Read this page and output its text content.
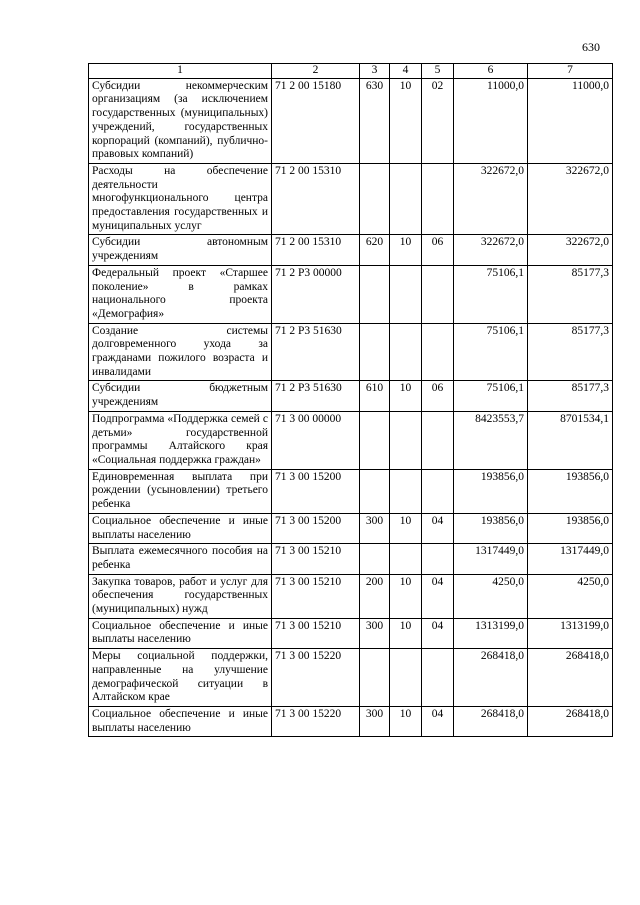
630
1	2	3	4	5	6	7
Субсидии некоммерческим организациям (за исключением государственных (муниципальных) учреждений, государственных корпораций (компаний), публично-правовых компаний)	71 2 00 15180	630	10	02	11000,0	11000,0
Расходы на обеспечение деятельности многофункционального центра предоставления государственных и муниципальных услуг	71 2 00 15310				322672,0	322672,0
Субсидии автономным учреждениям	71 2 00 15310	620	10	06	322672,0	322672,0
Федеральный проект «Старшее поколение» в рамках национального проекта «Демография»	71 2 P3 00000				75106,1	85177,3
Создание системы долговременного ухода за гражданами пожилого возраста и инвалидами	71 2 P3 51630				75106,1	85177,3
Субсидии бюджетным учреждениям	71 2 P3 51630	610	10	06	75106,1	85177,3
Подпрограмма «Поддержка семей с детьми» государственной программы Алтайского края «Социальная поддержка граждан»	71 3 00 00000				8423553,7	8701534,1
Единовременная выплата при рождении (усыновлении) третьего ребенка	71 3 00 15200				193856,0	193856,0
Социальное обеспечение и иные выплаты населению	71 3 00 15200	300	10	04	193856,0	193856,0
Выплата ежемесячного пособия на ребенка	71 3 00 15210				1317449,0	1317449,0
Закупка товаров, работ и услуг для обеспечения государственных (муниципальных) нужд	71 3 00 15210	200	10	04	4250,0	4250,0
Социальное обеспечение и иные выплаты населению	71 3 00 15210	300	10	04	1313199,0	1313199,0
Меры социальной поддержки, направленные на улучшение демографической ситуации в Алтайском крае	71 3 00 15220				268418,0	268418,0
Социальное обеспечение и иные выплаты населению	71 3 00 15220	300	10	04	268418,0	268418,0
